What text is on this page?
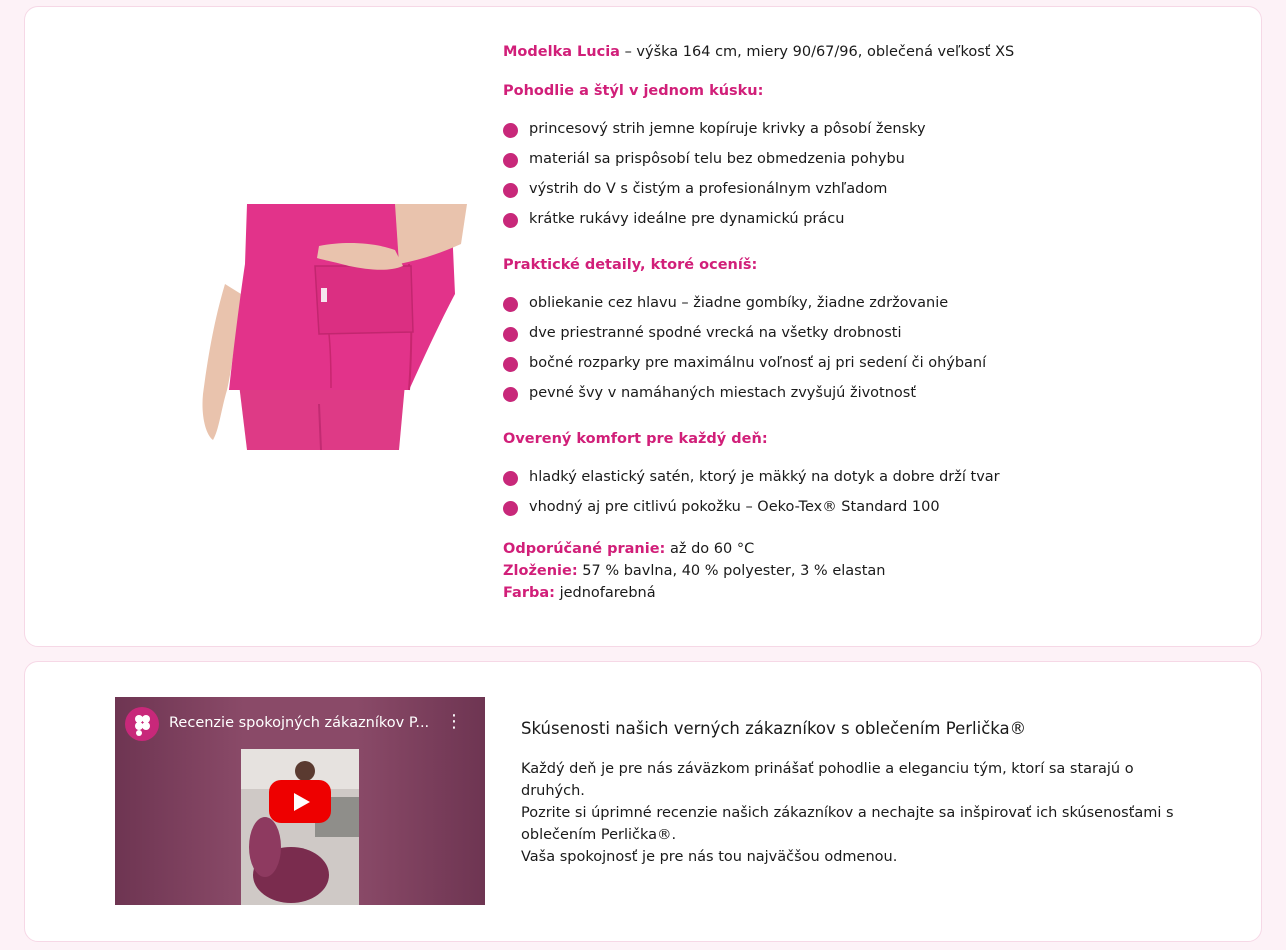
Modelka Lucia – výška 164 cm, miery 90/67/96, oblečená veľkosť XS

Pohodlie a štýl v jednom kúsku:

princesový strih jemne kopíruje krivky a pôsobí žensky
materiál sa prispôsobí telu bez obmedzenia pohybu
výstrih do V s čistým a profesionálnym vzhľadom
krátke rukávy ideálne pre dynamickú prácu

Praktické detaily, ktoré oceníš:

obliekanie cez hlavu – žiadne gombíky, žiadne zdržovanie
dve priestranné spodné vrecká na všetky drobnosti
bočné rozparky pre maximálnu voľnosť aj pri sedení či ohýbaní
pevné švy v namáhaných miestach zvyšujú životnosť

Overený komfort pre každý deň:

hladký elastický satén, ktorý je mäkký na dotyk a dobre drží tvar
vhodný aj pre citlivú pokožku – Oeko-Tex® Standard 100

Odporúčané pranie: až do 60 °C

Zloženie: 57 % bavlna, 40 % polyester, 3 % elastan

Farba: jednofarebná

Recenzie spokojných zákazníkov P... ⋮	Skúsenosti našich verných zákazníkov s oblečením Perlička®

Každý deň je pre nás záväzkom prinášať pohodlie a eleganciu tým, ktorí sa starajú o druhých.

Pozrite si úprimné recenzie našich zákazníkov a nechajte sa inšpirovať ich skúsenosťami s oblečením Perlička®.

Vaša spokojnosť je pre nás tou najväčšou odmenou.
